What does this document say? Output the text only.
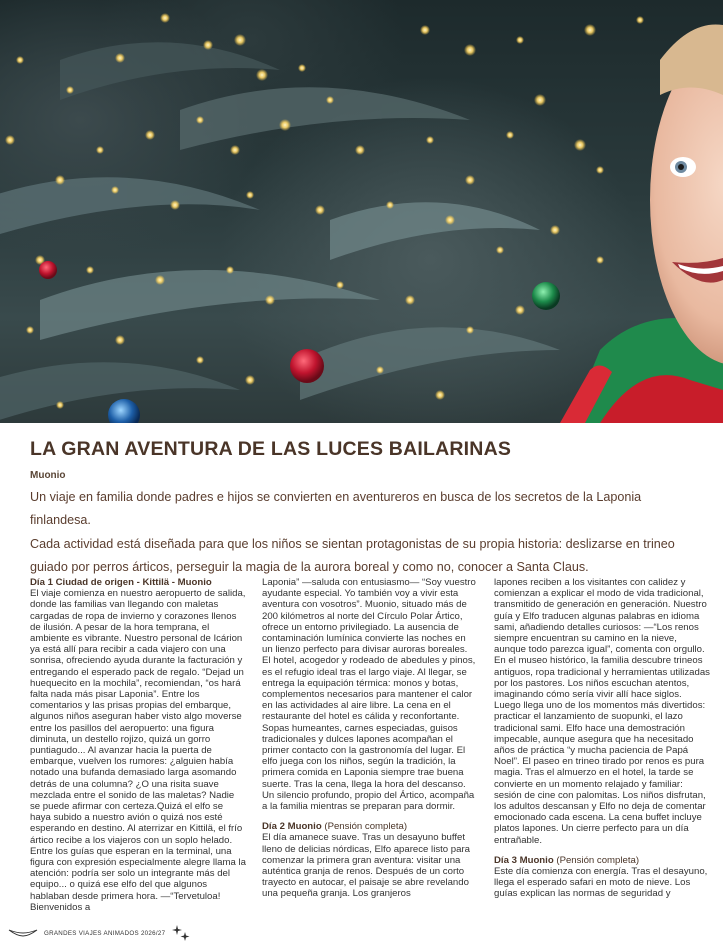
LA GRAN AVENTURA DE LAS LUCES BAILARINAS

Muonio

Un viaje en familia donde padres e hijos se convierten en aventureros en busca de los secretos de la Laponia finlandesa.

Cada actividad está diseñada para que los niños se sientan protagonistas de su propia historia: deslizarse en trineo guiado por perros árticos, perseguir la magia de la aurora boreal y como no, conocer a Santa Claus.

Día 1 Ciudad de origen - Kittilä - Muonio

El viaje comienza en nuestro aeropuerto de salida, donde las familias van llegando con maletas cargadas de ropa de invierno y corazones llenos de ilusión. A pesar de la hora temprana, el ambiente es vibrante. Nuestro personal de Icárion ya está allí para recibir a cada viajero con una sonrisa, ofreciendo ayuda durante la facturación y entregando el esperado pack de regalo. “Dejad un huequecito en la mochila”, recomiendan, “os hará falta nada más pisar Laponia”. Entre los comentarios y las prisas propias del embarque, algunos niños aseguran haber visto algo moverse entre los pasillos del aeropuerto: una figura diminuta, un destello rojizo, quizá un gorro puntiagudo... Al avanzar hacia la puerta de embarque, vuelven los rumores: ¿alguien había notado una bufanda demasiado larga asomando detrás de una columna? ¿O una risita suave mezclada entre el sonido de las maletas? Nadie se puede afirmar con certeza.Quizá el elfo se haya subido a nuestro avión o quizá nos esté esperando en destino. Al aterrizar en Kittilä, el frío ártico recibe a los viajeros con un soplo helado. Entre los guías que esperan en la terminal, una figura con expresión especialmente alegre llama la atención: podría ser solo un integrante más del equipo... o quizá ese elfo del que algunos hablaban desde primera hora. —“Tervetuloa! Bienvenidos a

Laponia” —saluda con entusiasmo— “Soy vuestro ayudante especial. Yo también voy a vivir esta aventura con vosotros”. Muonio, situado más de 200 kilómetros al norte del Círculo Polar Ártico, ofrece un entorno privilegiado. La ausencia de contaminación lumínica convierte las noches en un lienzo perfecto para divisar auroras boreales. El hotel, acogedor y rodeado de abedules y pinos, es el refugio ideal tras el largo viaje. Al llegar, se entrega la equipación térmica: monos y botas, complementos necesarios para mantener el calor en las actividades al aire libre. La cena en el restaurante del hotel es cálida y reconfortante. Sopas humeantes, carnes especiadas, guisos tradicionales y dulces lapones acompañan el primer contacto con la gastronomía del lugar. El elfo juega con los niños, según la tradición, la primera comida en Laponia siempre trae buena suerte. Tras la cena, llega la hora del descanso. Un silencio profundo, propio del Ártico, acompaña a la familia mientras se preparan para dormir.

Día 2 Muonio (Pensión completa)

El día amanece suave. Tras un desayuno buffet lleno de delicias nórdicas, Elfo aparece listo para comenzar la primera gran aventura: visitar una auténtica granja de renos. Después de un corto trayecto en autocar, el paisaje se abre revelando una pequeña granja. Los granjeros

lapones reciben a los visitantes con calidez y comienzan a explicar el modo de vida tradicional, transmitido de generación en generación. Nuestro guía y Elfo traducen algunas palabras en idioma sami, añadiendo detalles curiosos: —“Los renos siempre encuentran su camino en la nieve, aunque todo parezca igual”, comenta con orgullo. En el museo histórico, la familia descubre trineos antiguos, ropa tradicional y herramientas utilizadas por los pastores. Los niños escuchan atentos, imaginando cómo sería vivir allí hace siglos. Luego llega uno de los momentos más divertidos: practicar el lanzamiento de suopunki, el lazo tradicional sami. Elfo hace una demostración impecable, aunque asegura que ha necesitado años de práctica “y mucha paciencia de Papá Noel”. El paseo en trineo tirado por renos es pura magia. Tras el almuerzo en el hotel, la tarde se convierte en un momento relajado y familiar: sesión de cine con palomitas. Los niños disfrutan, los adultos descansan y Elfo no deja de comentar emocionado cada escena. La cena buffet incluye platos lapones. Un cierre perfecto para un día entrañable.

Día 3 Muonio (Pensión completa)

Este día comienza con energía. Tras el desayuno, llega el esperado safari en moto de nieve. Los guías explican las normas de seguridad y

GRANDES VIAJES ANIMADOS 2026/27
